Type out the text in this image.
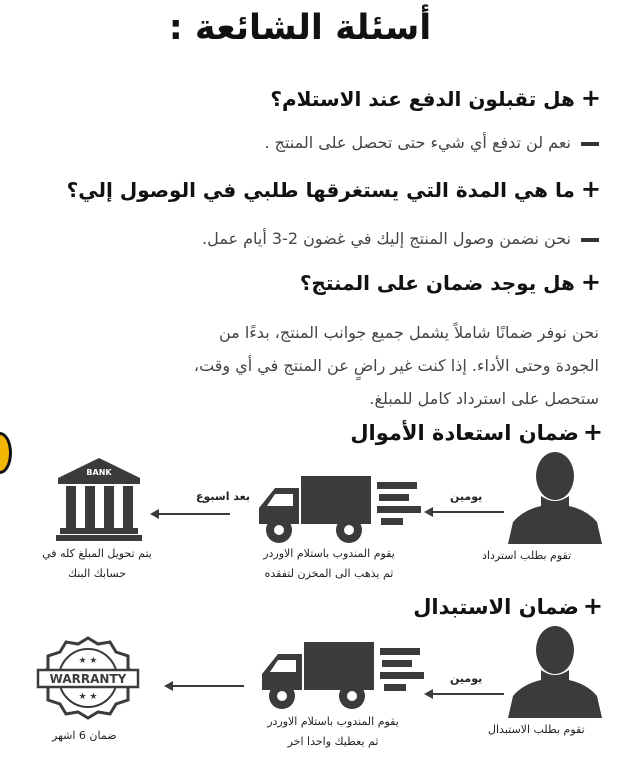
أسئلة الشائعة :
+هل تقبلون الدفع عند الاستلام؟
نعم لن تدفع أي شيء حتى تحصل على المنتج .
+ما هي المدة التي يستغرقها طلبي في الوصول إلي؟
نحن نضمن وصول المنتج إليك في غضون 2-3 أيام عمل.
+هل يوجد ضمان على المنتج؟
نحن نوفر ضمانًا شاملاً يشمل جميع جوانب المنتج، بدءًا من
الجودة وحتى الأداء. إذا كنت غير راضٍ عن المنتج في أي وقت،
ستحصل على استرداد كامل للمبلغ.
+ضمان استعادة الأموال
تقوم بطلب استرداد
يومين
يقوم المندوب باستلام الاوردر
ثم يذهب الى المخزن لتفقده
بعد اسبوع
BANK
يتم تحويل المبلغ كله في
حسابك البنك
+ضمان الاستبدال
تقوم بطلب الاستبدال
يومين
يقوم المندوب باستلام الاوردر
ثم يعطيك واحدا اخر
★ ★
★ ★
WARRANTY
ضمان 6 اشهر
